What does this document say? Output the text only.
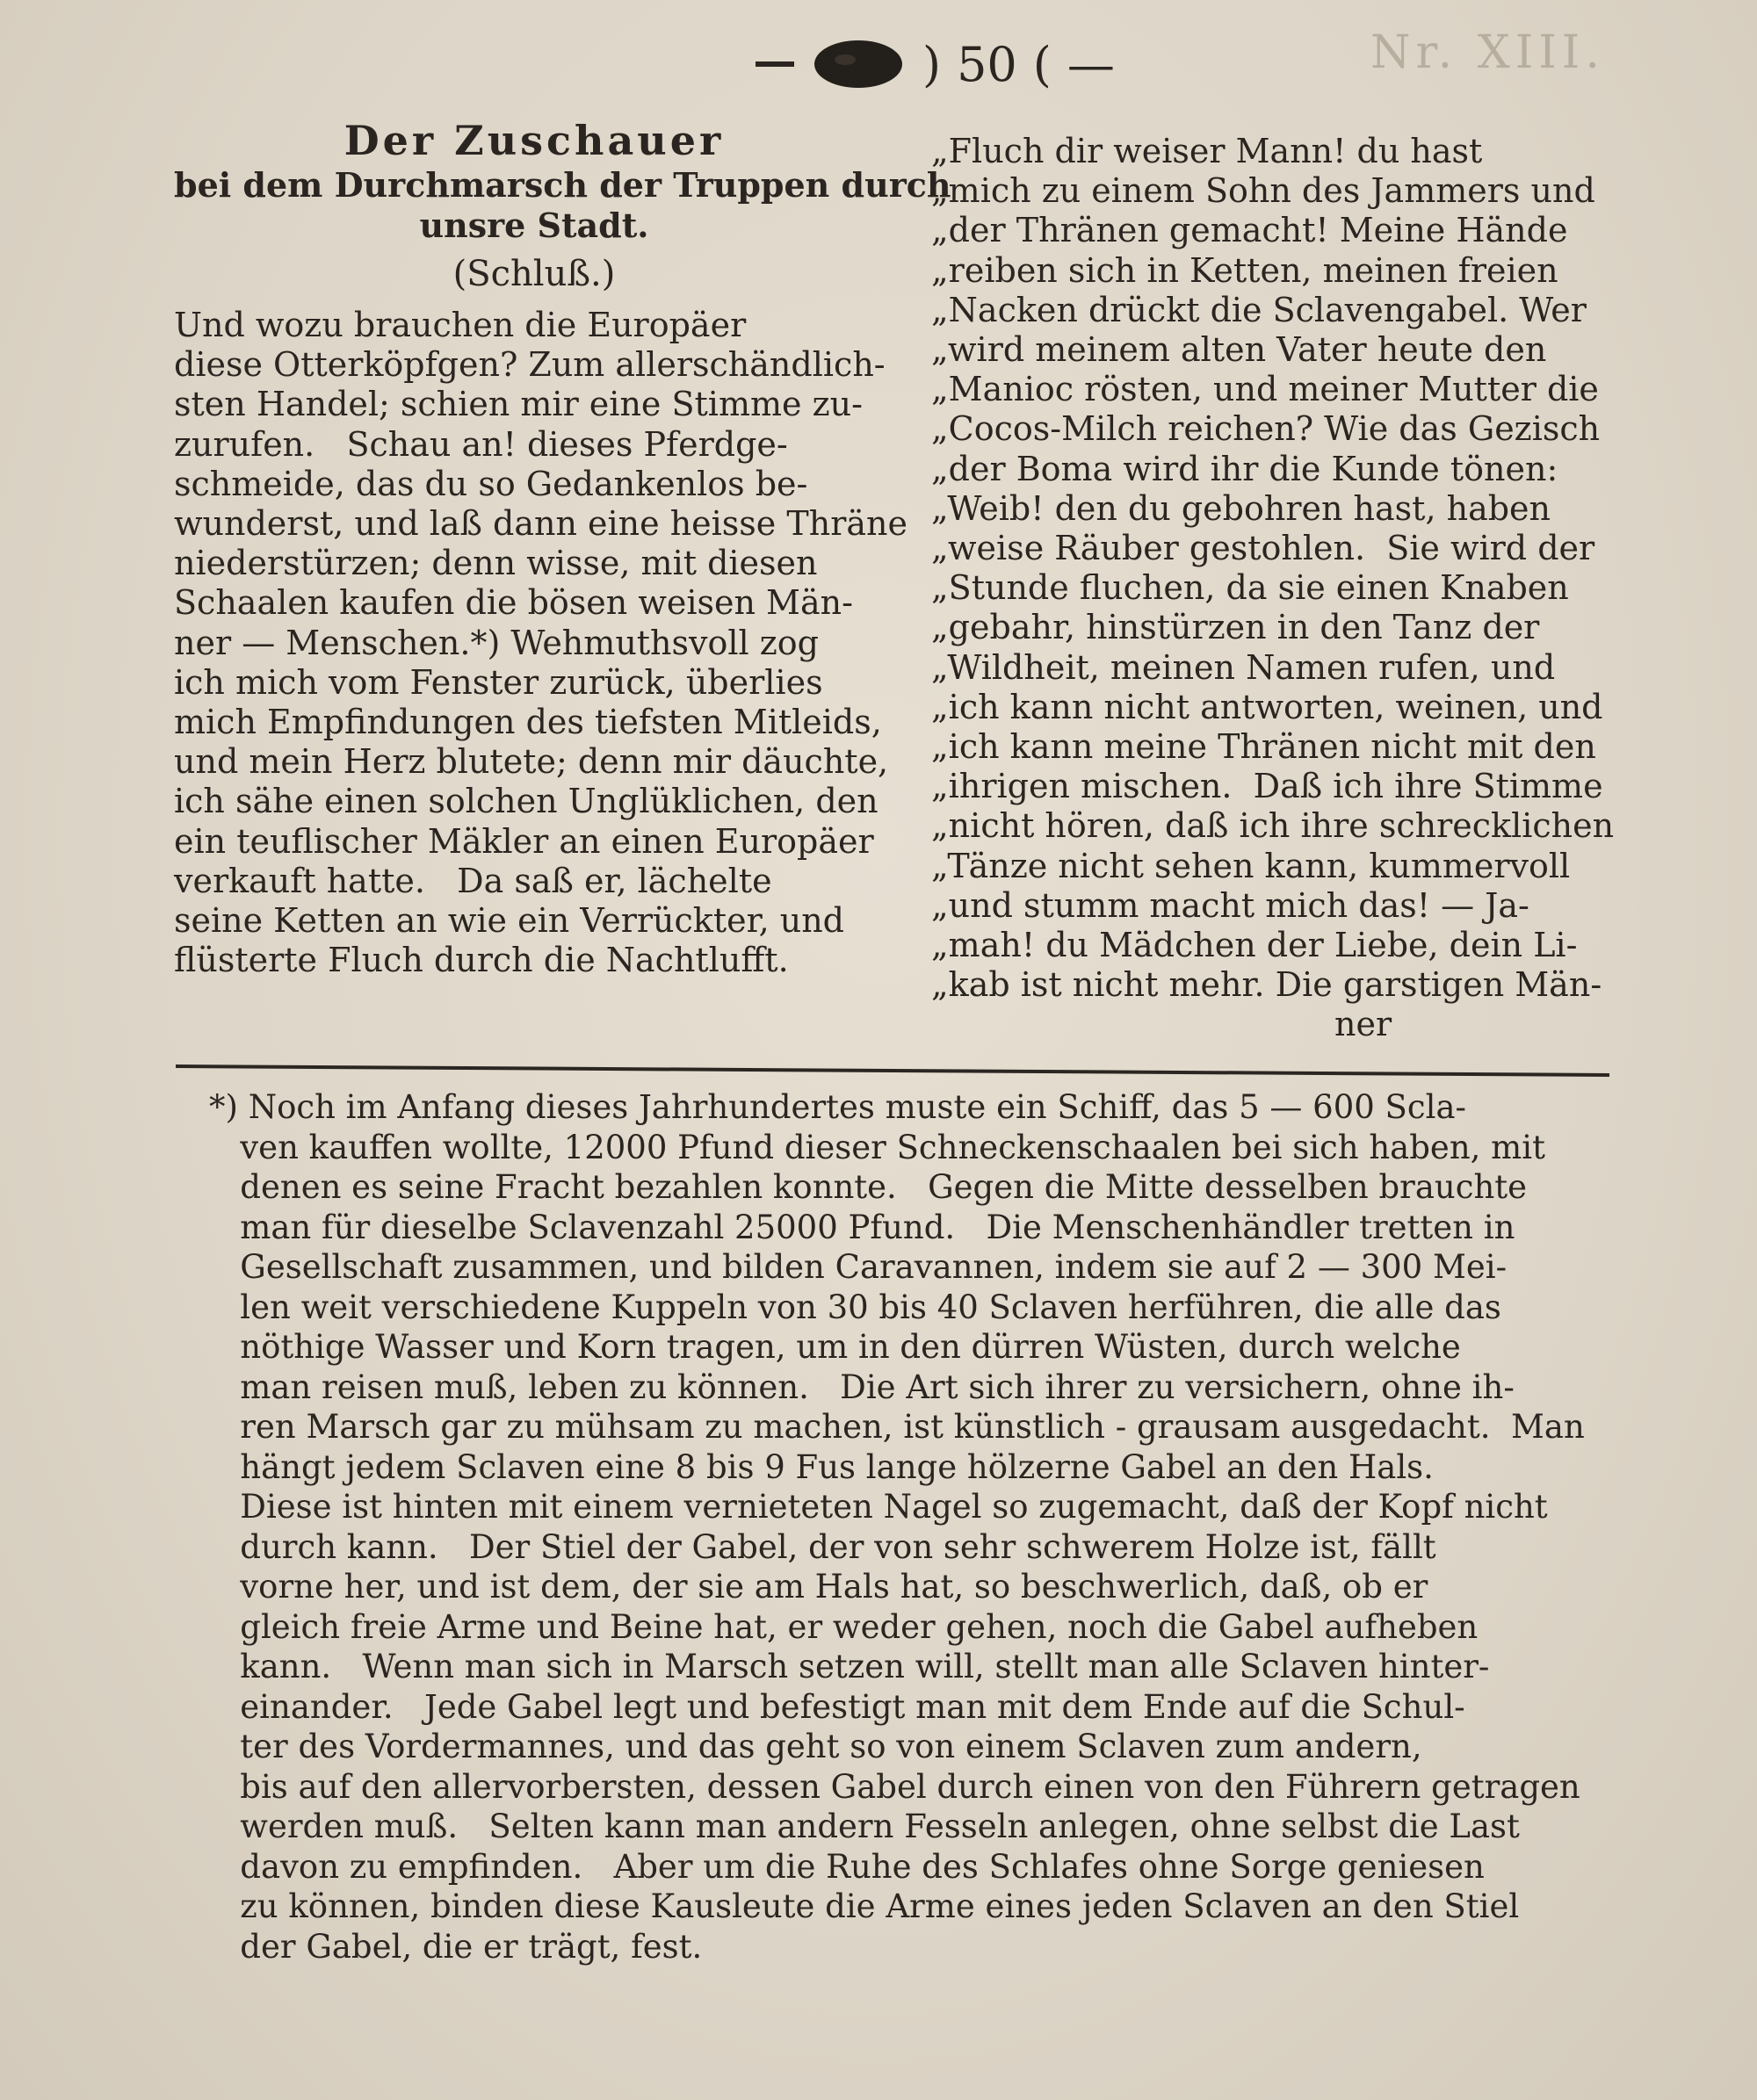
Nr. XIII.
) 50 ( —
Der Zuschauer
bei dem Durchmarsch der Truppen durch
unsre Stadt.
(Schluß.)
Und wozu brauchen die Europäer
diese Otterköpfgen? Zum allerschändlich-
sten Handel; schien mir eine Stimme zu-
zurufen.   Schau an! dieses Pferdge-
schmeide, das du so Gedankenlos be-
wunderst, und laß dann eine heisse Thräne
niederstürzen; denn wisse, mit diesen
Schaalen kaufen die bösen weisen Män-
ner — Menschen.*) Wehmuthsvoll zog
ich mich vom Fenster zurück, überlies
mich Empfindungen des tiefsten Mitleids,
und mein Herz blutete; denn mir däuchte,
ich sähe einen solchen Unglüklichen, den
ein teuflischer Mäkler an einen Europäer
verkauft hatte.   Da saß er, lächelte
seine Ketten an wie ein Verrückter, und
flüsterte Fluch durch die Nachtlufft.
„Fluch dir weiser Mann! du hast
„mich zu einem Sohn des Jammers und
„der Thränen gemacht! Meine Hände
„reiben sich in Ketten, meinen freien
„Nacken drückt die Sclavengabel. Wer
„wird meinem alten Vater heute den
„Manioc rösten, und meiner Mutter die
„Cocos-Milch reichen? Wie das Gezisch
„der Boma wird ihr die Kunde tönen:
„Weib! den du gebohren hast, haben
„weise Räuber gestohlen.  Sie wird der
„Stunde fluchen, da sie einen Knaben
„gebahr, hinstürzen in den Tanz der
„Wildheit, meinen Namen rufen, und
„ich kann nicht antworten, weinen, und
„ich kann meine Thränen nicht mit den
„ihrigen mischen.  Daß ich ihre Stimme
„nicht hören, daß ich ihre schrecklichen
„Tänze nicht sehen kann, kummervoll
„und stumm macht mich das! — Ja-
„mah! du Mädchen der Liebe, dein Li-
„kab ist nicht mehr. Die garstigen Män-
ner
*) Noch im Anfang dieses Jahrhundertes muste ein Schiff, das 5 — 600 Scla-
ven kauffen wollte, 12000 Pfund dieser Schneckenschaalen bei sich haben, mit
denen es seine Fracht bezahlen konnte.   Gegen die Mitte desselben brauchte
man für dieselbe Sclavenzahl 25000 Pfund.   Die Menschenhändler tretten in
Gesellschaft zusammen, und bilden Caravannen, indem sie auf 2 — 300 Mei-
len weit verschiedene Kuppeln von 30 bis 40 Sclaven herführen, die alle das
nöthige Wasser und Korn tragen, um in den dürren Wüsten, durch welche
man reisen muß, leben zu können.   Die Art sich ihrer zu versichern, ohne ih-
ren Marsch gar zu mühsam zu machen, ist künstlich - grausam ausgedacht.  Man
hängt jedem Sclaven eine 8 bis 9 Fus lange hölzerne Gabel an den Hals.
Diese ist hinten mit einem vernieteten Nagel so zugemacht, daß der Kopf nicht
durch kann.   Der Stiel der Gabel, der von sehr schwerem Holze ist, fällt
vorne her, und ist dem, der sie am Hals hat, so beschwerlich, daß, ob er
gleich freie Arme und Beine hat, er weder gehen, noch die Gabel aufheben
kann.   Wenn man sich in Marsch setzen will, stellt man alle Sclaven hinter-
einander.   Jede Gabel legt und befestigt man mit dem Ende auf die Schul-
ter des Vordermannes, und das geht so von einem Sclaven zum andern,
bis auf den allervorbersten, dessen Gabel durch einen von den Führern getragen
werden muß.   Selten kann man andern Fesseln anlegen, ohne selbst die Last
davon zu empfinden.   Aber um die Ruhe des Schlafes ohne Sorge geniesen
zu können, binden diese Kausleute die Arme eines jeden Sclaven an den Stiel
der Gabel, die er trägt, fest.
